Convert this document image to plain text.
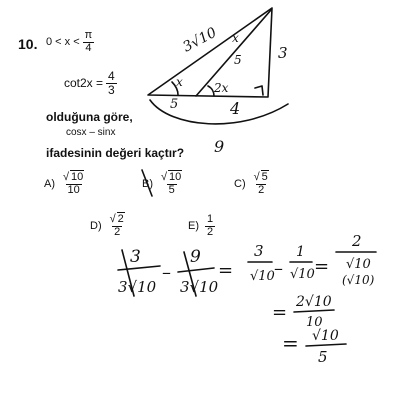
10. $0 < x < \frac{\pi}{4}$
$\cot 2x = \frac{4}{3}$
olduğuna göre,
cosx – sinx
ifadesinin değeri kaçtır?
$A) \frac{√ 10}{10}$	$B) \frac{√ 10}{5}$	$C) \frac{√ 5}{2}$
$D) \frac{√ 2}{2}$	$E) \frac{1}{2}$
3√10 x
5 3
x	2x
5	4
9
3
3√10
–
9
3√10
=
3
√10 –
1
√10 =
2
√10
(√10)
= 2√10
10
= √10
5
